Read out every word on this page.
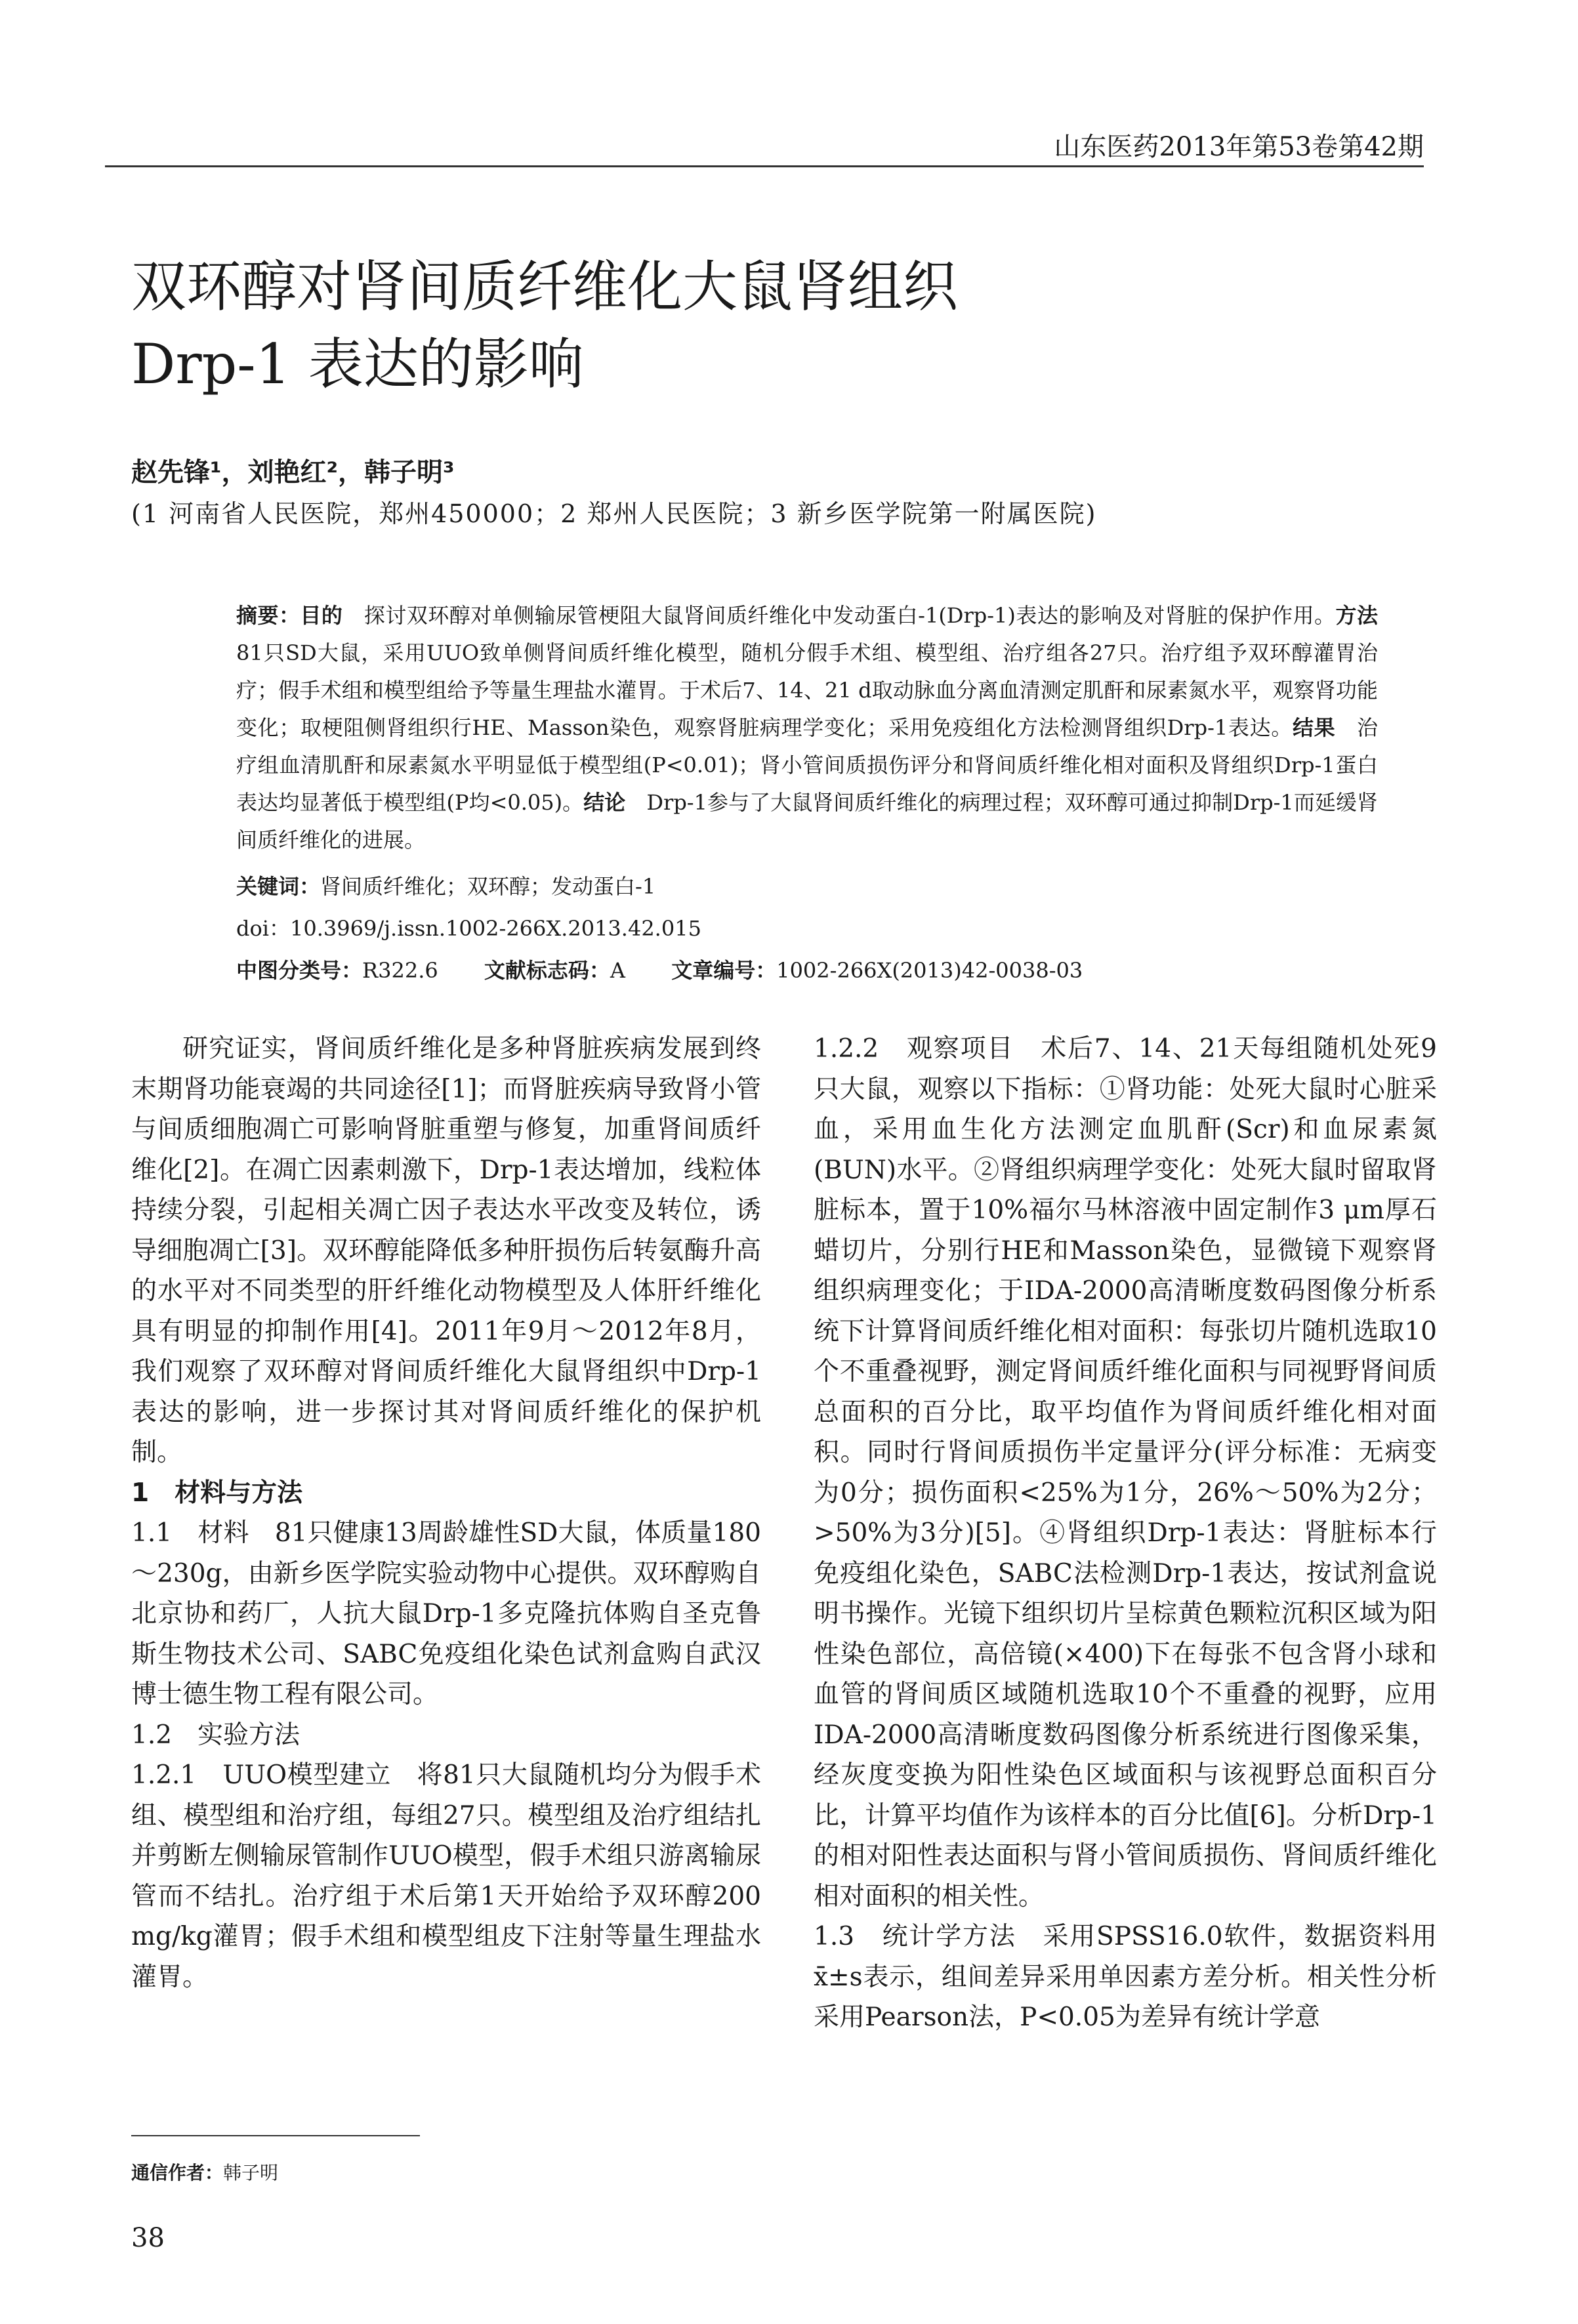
山东医药2013年第53卷第42期
双环醇对肾间质纤维化大鼠肾组织
Drp-1 表达的影响
赵先锋¹，刘艳红²，韩子明³
(1 河南省人民医院，郑州450000；2 郑州人民医院；3 新乡医学院第一附属医院)
摘要：目的　 探讨双环醇对单侧输尿管梗阻大鼠肾间质纤维化中发动蛋白-1(Drp-1)表达的影响及对肾脏的保护作用。方法　81只SD大鼠，采用UUO致单侧肾间质纤维化模型，随机分假手术组、模型组、治疗组各27只。治疗组予双环醇灌胃治疗；假手术组和模型组给予等量生理盐水灌胃。于术后7、14、21 d取动脉血分离血清测定肌酐和尿素氮水平，观察肾功能变化；取梗阻侧肾组织行HE、Masson染色，观察肾脏病理学变化；采用免疫组化方法检测肾组织Drp-1表达。结果　 治疗组血清肌酐和尿素氮水平明显低于模型组(P<0.01)；肾小管间质损伤评分和肾间质纤维化相对面积及肾组织Drp-1蛋白表达均显著低于模型组(P均<0.05)。结论　 Drp-1参与了大鼠肾间质纤维化的病理过程；双环醇可通过抑制Drp-1而延缓肾间质纤维化的进展。
关键词：肾间质纤维化；双环醇；发动蛋白-1
doi：10.3969/j.issn.1002-266X.2013.42.015
中图分类号：R322.6 文献标志码：A 文章编号：1002-266X(2013)42-0038-03

研究证实，肾间质纤维化是多种肾脏疾病发展到终末期肾功能衰竭的共同途径[1]；而肾脏疾病导致肾小管与间质细胞凋亡可影响肾脏重塑与修复，加重肾间质纤维化[2]。在凋亡因素刺激下，Drp-1表达增加，线粒体持续分裂，引起相关凋亡因子表达水平改变及转位，诱导细胞凋亡[3]。双环醇能降低多种肝损伤后转氨酶升高的水平对不同类型的肝纤维化动物模型及人体肝纤维化具有明显的抑制作用[4]。2011年9月～2012年8月，我们观察了双环醇对肾间质纤维化大鼠肾组织中Drp-1表达的影响，进一步探讨其对肾间质纤维化的保护机制。

1　材料与方法

1.1　材料　 81只健康13周龄雄性SD大鼠，体质量180～230g，由新乡医学院实验动物中心提供。双环醇购自北京协和药厂，人抗大鼠Drp-1多克隆抗体购自圣克鲁斯生物技术公司、SABC免疫组化染色试剂盒购自武汉博士德生物工程有限公司。

1.2　实验方法

1.2.1　UUO模型建立　 将81只大鼠随机均分为假手术组、模型组和治疗组，每组27只。模型组及治疗组结扎并剪断左侧输尿管制作UUO模型，假手术组只游离输尿管而不结扎。治疗组于术后第1天开始给予双环醇200 mg/kg灌胃；假手术组和模型组皮下注射等量生理盐水灌胃。

1.2.2　观察项目　 术后7、14、21天每组随机处死9只大鼠，观察以下指标：①肾功能：处死大鼠时心脏采血，采用血生化方法测定血肌酐(Scr)和血尿素氮(BUN)水平。②肾组织病理学变化：处死大鼠时留取肾脏标本，置于10%福尔马林溶液中固定制作3 μm厚石蜡切片，分别行HE和Masson染色，显微镜下观察肾组织病理变化；于IDA-2000高清晰度数码图像分析系统下计算肾间质纤维化相对面积：每张切片随机选取10个不重叠视野，测定肾间质纤维化面积与同视野肾间质总面积的百分比，取平均值作为肾间质纤维化相对面积。同时行肾间质损伤半定量评分(评分标准：无病变为0分；损伤面积<25%为1分，26%～50%为2分；>50%为3分)[5]。④肾组织Drp-1表达：肾脏标本行免疫组化染色，SABC法检测Drp-1表达，按试剂盒说明书操作。光镜下组织切片呈棕黄色颗粒沉积区域为阳性染色部位，高倍镜(×400)下在每张不包含肾小球和血管的肾间质区域随机选取10个不重叠的视野，应用IDA-2000高清晰度数码图像分析系统进行图像采集，经灰度变换为阳性染色区域面积与该视野总面积百分比，计算平均值作为该样本的百分比值[6]。分析Drp-1的相对阳性表达面积与肾小管间质损伤、肾间质纤维化相对面积的相关性。

1.3　统计学方法　 采用SPSS16.0软件，数据资料用x̄±s表示，组间差异采用单因素方差分析。相关性分析采用Pearson法，P<0.05为差异有统计学意

通信作者：韩子明
38
